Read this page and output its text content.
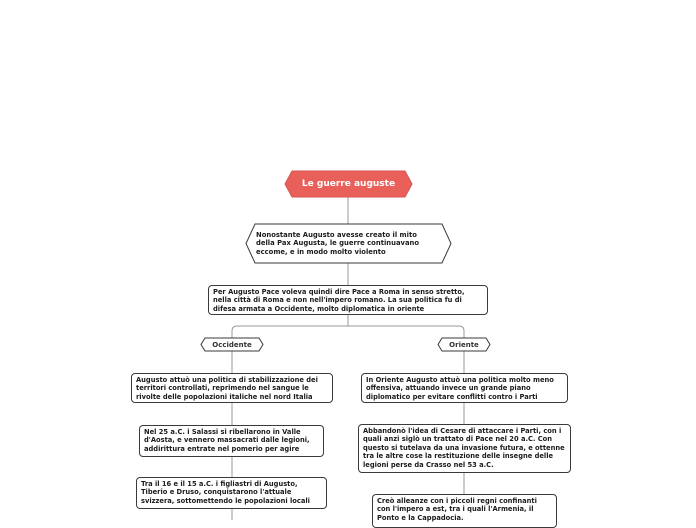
Le guerre auguste
Nonostante Augusto avesse creato il mito della Pax Augusta, le guerre continuavano eccome, e in modo molto violento
Per Augusto Pace voleva quindi dire Pace a Roma in senso stretto, nella città di Roma e non nell'impero romano. La sua politica fu di difesa armata a Occidente, molto diplomatica in oriente
Occidente	Oriente
Augusto attuò una politica di stabilizzazione dei territori controllati, reprimendo nel sangue le rivolte delle popolazioni italiche nel nord Italia
Nel 25 a.C. i Salassi si ribellarono in Valle d'Aosta, e vennero massacrati dalle legioni, addirittura entrate nel pomerio per agire
Tra il 16 e il 15 a.C. i figliastri di Augusto, Tiberio e Druso, conquistarono l'attuale svizzera, sottomettendo le popolazioni locali
In Oriente Augusto attuò una politica molto meno offensiva, attuando invece un grande piano diplomatico per evitare conflitti contro i Parti
Abbandonò l'idea di Cesare di attaccare i Parti, con i quali anzi siglò un trattato di Pace nel 20 a.C. Con questo si tutelava da una invasione futura, e ottenne tra le altre cose la restituzione delle insegne delle legioni perse da Crasso nel 53 a.C.
Creò alleanze con i piccoli regni confinanti con l'impero a est, tra i quali l'Armenia, il Ponto e la Cappadocia.
